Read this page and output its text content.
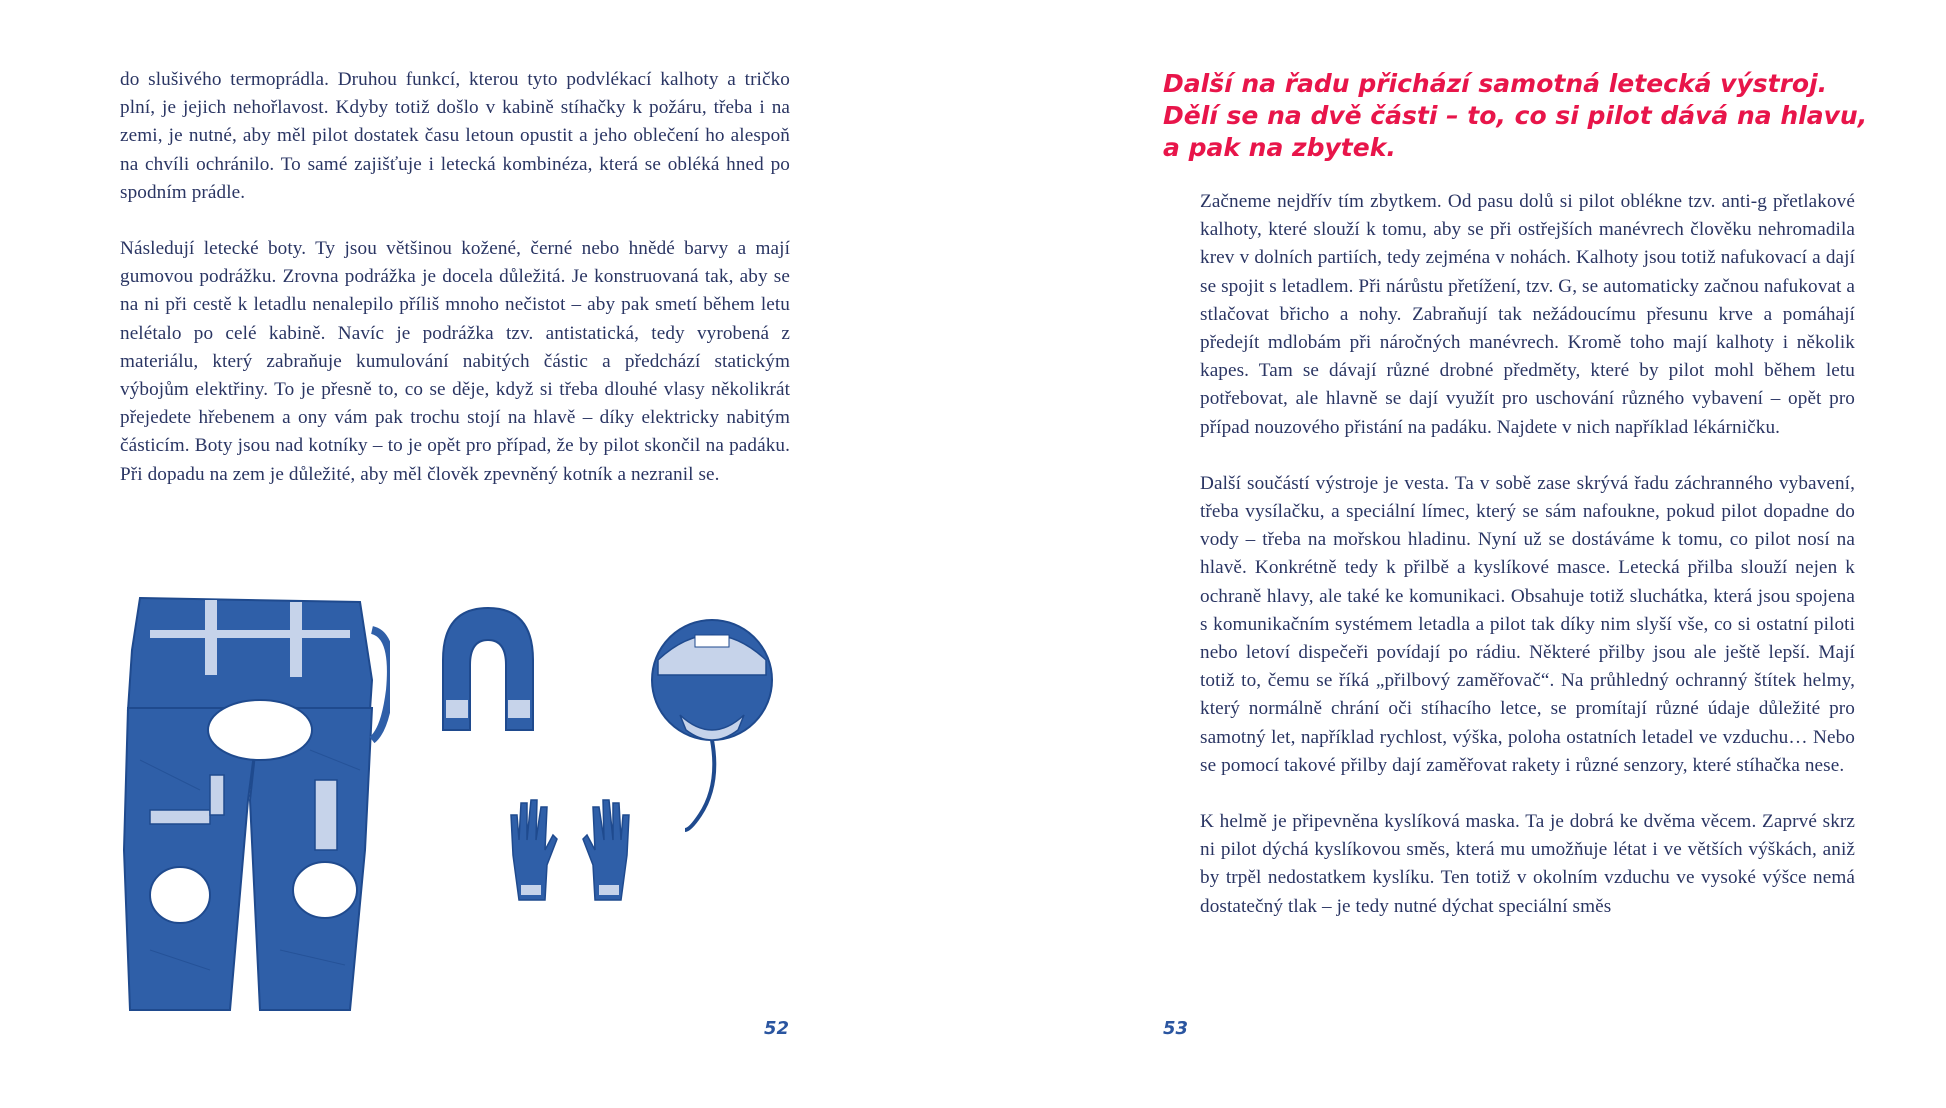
do slušivého termoprádla. Druhou funkcí, kterou tyto podvlékací kalhoty a tričko plní, je jejich nehořlavost. Kdyby totiž došlo v kabině stíhačky k požáru, třeba i na zemi, je nutné, aby měl pilot dostatek času letoun opustit a jeho oblečení ho alespoň na chvíli ochránilo. To samé zajišťuje i letecká kombinéza, která se obléká hned po spodním prádle.

Následují letecké boty. Ty jsou většinou kožené, černé nebo hnědé barvy a mají gumovou podrážku. Zrovna podrážka je docela důležitá. Je konstruovaná tak, aby se na ni při cestě k letadlu nenalepilo příliš mnoho nečistot – aby pak smetí během letu nelétalo po celé kabině. Navíc je podrážka tzv. antistatická, tedy vyrobená z materiálu, který zabraňuje kumulování nabitých částic a předchází statickým výbojům elektřiny. To je přesně to, co se děje, když si třeba dlouhé vlasy několikrát přejedete hřebenem a ony vám pak trochu stojí na hlavě – díky elektricky nabitým částicím. Boty jsou nad kotníky – to je opět pro případ, že by pilot skončil na padáku. Při dopadu na zem je důležité, aby měl člověk zpevněný kotník a nezranil se.

52
Další na řadu přichází samotná letecká výstroj. Dělí se na dvě části – to, co si pilot dává na hlavu, a pak na zbytek.

Začneme nejdřív tím zbytkem. Od pasu dolů si pilot oblékne tzv. anti-g přetlakové kalhoty, které slouží k tomu, aby se při ostřejších manévrech člověku nehromadila krev v dolních partiích, tedy zejména v nohách. Kalhoty jsou totiž nafukovací a dají se spojit s letadlem. Při nárůstu přetížení, tzv. G, se automaticky začnou nafukovat a stlačovat břicho a nohy. Zabraňují tak nežádoucímu přesunu krve a pomáhají předejít mdlobám při náročných manévrech. Kromě toho mají kalhoty i několik kapes. Tam se dávají různé drobné předměty, které by pilot mohl během letu potřebovat, ale hlavně se dají využít pro uschování různého vybavení – opět pro případ nouzového přistání na padáku. Najdete v nich například lékárničku.

Další součástí výstroje je vesta. Ta v sobě zase skrývá řadu záchranného vybavení, třeba vysílačku, a speciální límec, který se sám nafoukne, pokud pilot dopadne do vody – třeba na mořskou hladinu. Nyní už se dostáváme k tomu, co pilot nosí na hlavě. Konkrétně tedy k přilbě a kyslíkové masce. Letecká přilba slouží nejen k ochraně hlavy, ale také ke komunikaci. Obsahuje totiž sluchátka, která jsou spojena s komunikačním systémem letadla a pilot tak díky nim slyší vše, co si ostatní piloti nebo letoví dispečeři povídají po rádiu. Některé přilby jsou ale ještě lepší. Mají totiž to, čemu se říká „přilbový zaměřovač“. Na průhledný ochranný štítek helmy, který normálně chrání oči stíhacího letce, se promítají různé údaje důležité pro samotný let, například rychlost, výška, poloha ostatních letadel ve vzduchu… Nebo se pomocí takové přilby dají zaměřovat rakety i různé senzory, které stíhačka nese.

K helmě je připevněna kyslíková maska. Ta je dobrá ke dvěma věcem. Zaprvé skrz ni pilot dýchá kyslíkovou směs, která mu umožňuje létat i ve větších výškách, aniž by trpěl nedostatkem kyslíku. Ten totiž v okolním vzduchu ve vysoké výšce nemá dostatečný tlak – je tedy nutné dýchat speciální směs

53
